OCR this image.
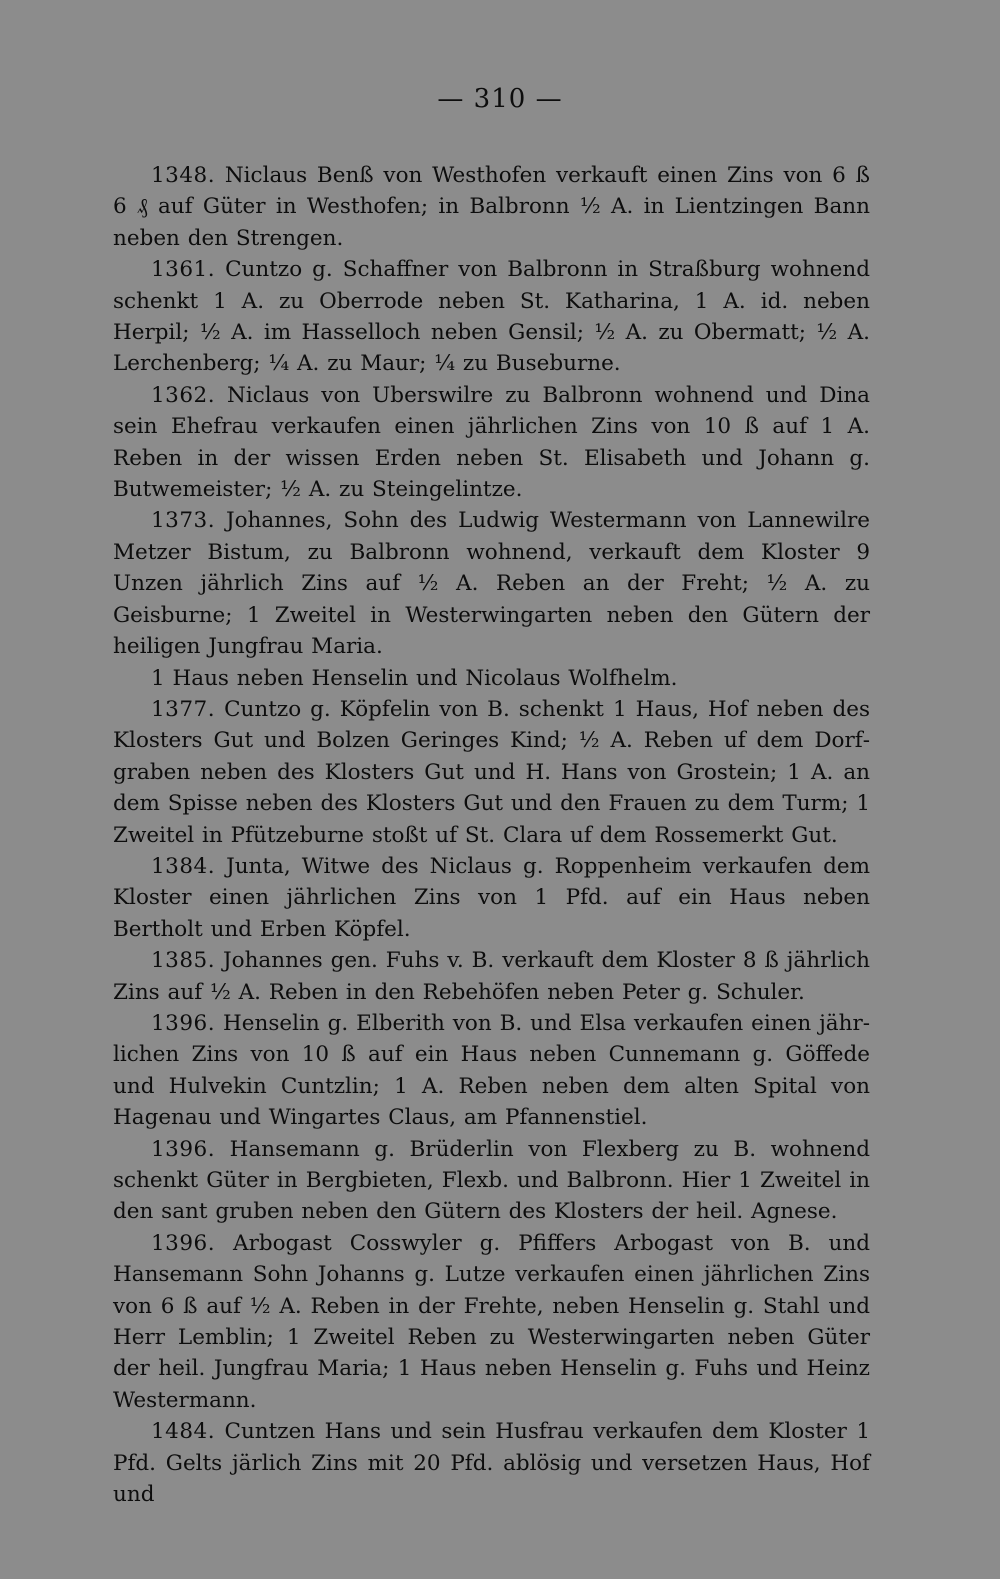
— 310 —

1348. Niclaus Benß von Westhofen verkauft einen Zins von 6 ß 6 ₰ auf Güter in Westhofen; in Balbronn ½ A. in Lientzingen Bann neben den Strengen.

1361. Cuntzo g. Schaffner von Balbronn in Straßburg wohnend schenkt 1 A. zu Oberrode neben St. Katharina, 1 A. id. neben Herpil; ½ A. im Hasselloch neben Gensil; ½ A. zu Obermatt; ½ A. Lerchenberg; ¼ A. zu Maur; ¼ zu Buseburne.

1362. Niclaus von Uberswilre zu Balbronn wohnend und Dina sein Ehefrau verkaufen einen jährlichen Zins von 10 ß auf 1 A. Reben in der wissen Erden neben St. Elisabeth und Johann g. Butwemeister; ½ A. zu Steingelintze.

1373. Johannes, Sohn des Ludwig Westermann von Lannewilre Metzer Bistum, zu Balbronn wohnend, verkauft dem Kloster 9 Unzen jährlich Zins auf ½ A. Reben an der Freht; ½ A. zu Geisburne; 1 Zweitel in Westerwingarten neben den Gütern der heiligen Jungfrau Maria.

1 Haus neben Henselin und Nicolaus Wolfhelm.

1377. Cuntzo g. Köpfelin von B. schenkt 1 Haus, Hof neben des Klosters Gut und Bolzen Geringes Kind; ½ A. Reben uf dem Dorfgraben neben des Klosters Gut und H. Hans von Grostein; 1 A. an dem Spisse neben des Klosters Gut und den Frauen zu dem Turm; 1 Zweitel in Pfützeburne stoßt uf St. Clara uf dem Rossemerkt Gut.

1384. Junta, Witwe des Niclaus g. Roppenheim verkaufen dem Kloster einen jährlichen Zins von 1 Pfd. auf ein Haus neben Bertholt und Erben Köpfel.

1385. Johannes gen. Fuhs v. B. verkauft dem Kloster 8 ß jährlich Zins auf ½ A. Reben in den Rebehöfen neben Peter g. Schuler.

1396. Henselin g. Elberith von B. und Elsa verkaufen einen jährlichen Zins von 10 ß auf ein Haus neben Cunnemann g. Göffede und Hulvekin Cuntzlin; 1 A. Reben neben dem alten Spital von Hagenau und Wingartes Claus, am Pfannenstiel.

1396. Hansemann g. Brüderlin von Flexberg zu B. wohnend schenkt Güter in Bergbieten, Flexb. und Balbronn. Hier 1 Zweitel in den sant gruben neben den Gütern des Klosters der heil. Agnese.

1396. Arbogast Cosswyler g. Pfiffers Arbogast von B. und Hansemann Sohn Johanns g. Lutze verkaufen einen jährlichen Zins von 6 ß auf ½ A. Reben in der Frehte, neben Henselin g. Stahl und Herr Lemblin; 1 Zweitel Reben zu Westerwingarten neben Güter der heil. Jungfrau Maria; 1 Haus neben Henselin g. Fuhs und Heinz Westermann.

1484. Cuntzen Hans und sein Husfrau verkaufen dem Kloster 1 Pfd. Gelts järlich Zins mit 20 Pfd. ablösig und versetzen Haus, Hof und
